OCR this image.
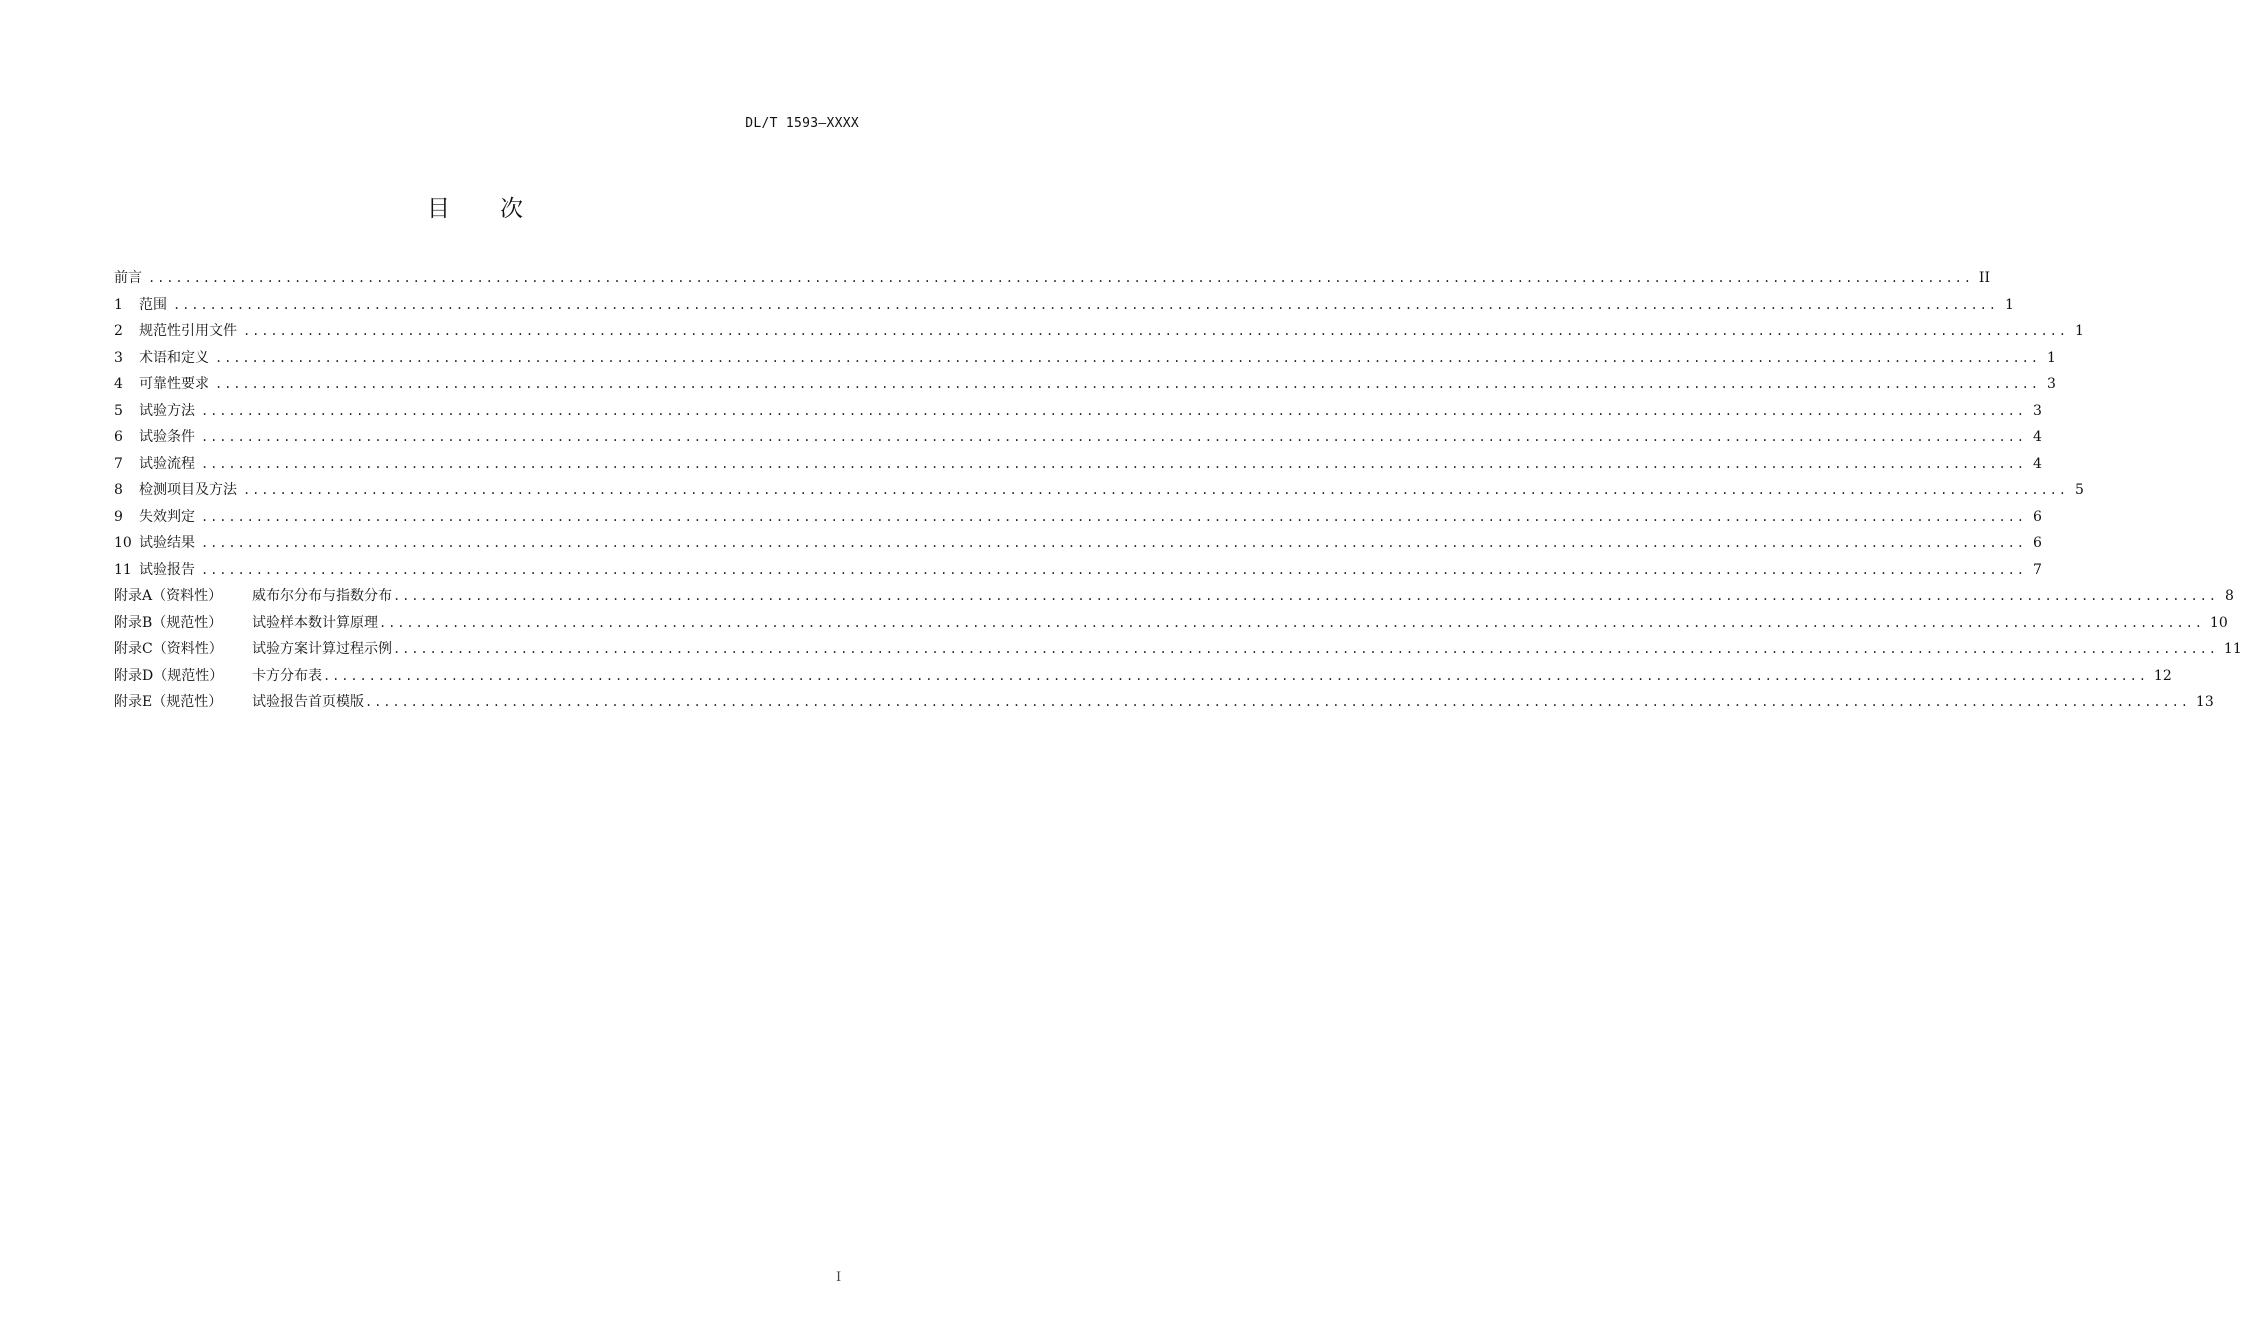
DL/T 1593—XXXX
目 次
前言 ........................................................................................................................................................................................................ II
1	范围 ........................................................................................................................................................................................................ 1
2	规范性引用文件 ........................................................................................................................................................................................................ 1
3	术语和定义 ........................................................................................................................................................................................................ 1
4	可靠性要求 ........................................................................................................................................................................................................ 3
5	试验方法 ........................................................................................................................................................................................................ 3
6	试验条件 ........................................................................................................................................................................................................ 4
7	试验流程 ........................................................................................................................................................................................................ 4
8	检测项目及方法 ........................................................................................................................................................................................................ 5
9	失效判定 ........................................................................................................................................................................................................ 6
10 试验结果 ........................................................................................................................................................................................................ 6
11 试验报告 ........................................................................................................................................................................................................ 7
附录A（资料性）	威布尔分布与指数分布 ........................................................................................................................................................................................................ 8
附录B（规范性）	试验样本数计算原理 ........................................................................................................................................................................................................ 10
附录C（资料性）	试验方案计算过程示例 ........................................................................................................................................................................................................ 11
附录D（规范性）	卡方分布表 ........................................................................................................................................................................................................ 12
附录E（规范性）	试验报告首页模版 ........................................................................................................................................................................................................ 13
I
